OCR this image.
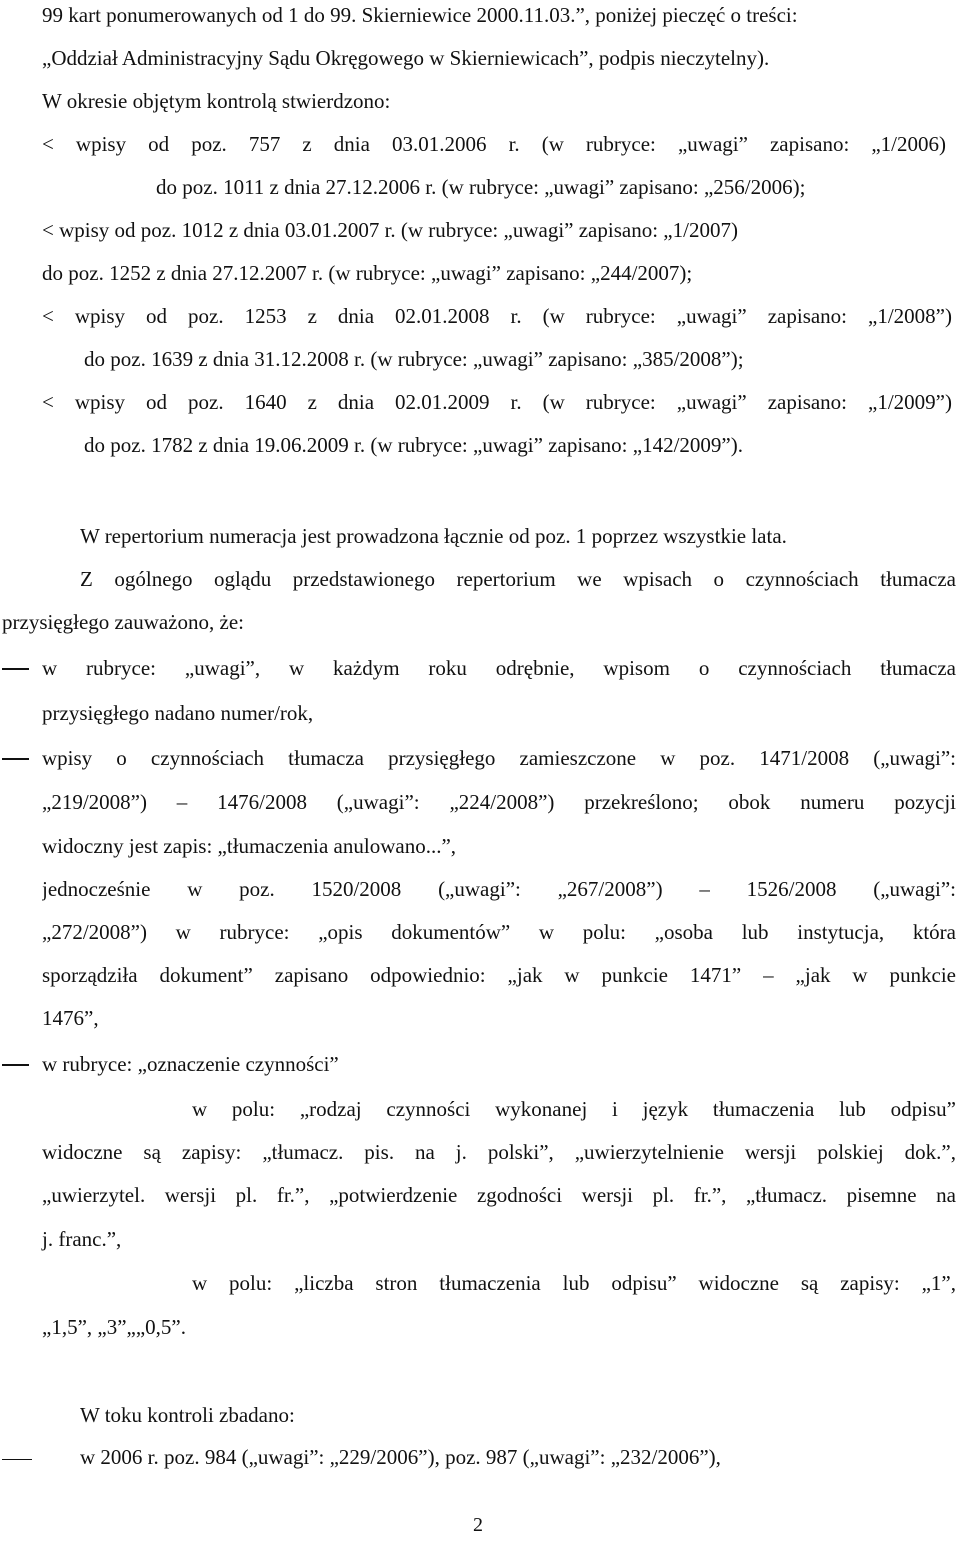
99 kart ponumerowanych od 1 do 99. Skierniewice 2000.11.03.”, poniżej pieczęć o treści:
„Oddział Administracyjny Sądu Okręgowego w Skierniewicach”, podpis nieczytelny).
W okresie objętym kontrolą stwierdzono:
< wpisy od poz. 757 z dnia 03.01.2006 r. (w rubryce: „uwagi” zapisano: „1/2006)
do poz. 1011 z dnia 27.12.2006 r. (w rubryce: „uwagi” zapisano: „256/2006);
< wpisy od poz. 1012 z dnia 03.01.2007 r. (w rubryce: „uwagi” zapisano: „1/2007)
do poz. 1252 z dnia 27.12.2007 r. (w rubryce: „uwagi” zapisano: „244/2007);
< wpisy od poz. 1253 z dnia 02.01.2008 r. (w rubryce: „uwagi” zapisano: „1/2008”)
do poz. 1639 z dnia 31.12.2008 r. (w rubryce: „uwagi” zapisano: „385/2008”);
< wpisy od poz. 1640 z dnia 02.01.2009 r. (w rubryce: „uwagi” zapisano: „1/2009”)
do poz. 1782 z dnia 19.06.2009 r. (w rubryce: „uwagi” zapisano: „142/2009”).
W repertorium numeracja jest prowadzona łącznie od poz. 1 poprzez wszystkie lata.
Z ogólnego oglądu przedstawionego repertorium we wpisach o czynnościach tłumacza
przysięgłego zauważono, że:
w rubryce: „uwagi”, w każdym roku odrębnie, wpisom o czynnościach tłumacza
przysięgłego nadano numer/rok,
wpisy o czynnościach tłumacza przysięgłego zamieszczone w poz. 1471/2008 („uwagi”:
„219/2008”) – 1476/2008 („uwagi”: „224/2008”) przekreślono; obok numeru pozycji
widoczny jest zapis: „tłumaczenia anulowano...”,
jednocześnie w poz. 1520/2008 („uwagi”: „267/2008”) – 1526/2008 („uwagi”:
„272/2008”) w rubryce: „opis dokumentów” w polu: „osoba lub instytucja, która
sporządziła dokument” zapisano odpowiednio: „jak w punkcie 1471” – „jak w punkcie
1476”,
w rubryce: „oznaczenie czynności”
w polu: „rodzaj czynności wykonanej i język tłumaczenia lub odpisu”
widoczne są zapisy: „tłumacz. pis. na j. polski”, „uwierzytelnienie wersji polskiej dok.”,
„uwierzytel. wersji pl. fr.”, „potwierdzenie zgodności wersji pl. fr.”, „tłumacz. pisemne na
j. franc.”,
w polu: „liczba stron tłumaczenia lub odpisu” widoczne są zapisy: „1”,
„1,5”, „3”„„0,5”.
W toku kontroli zbadano:
w 2006 r. poz. 984 („uwagi”: „229/2006”), poz. 987 („uwagi”: „232/2006”),
2
